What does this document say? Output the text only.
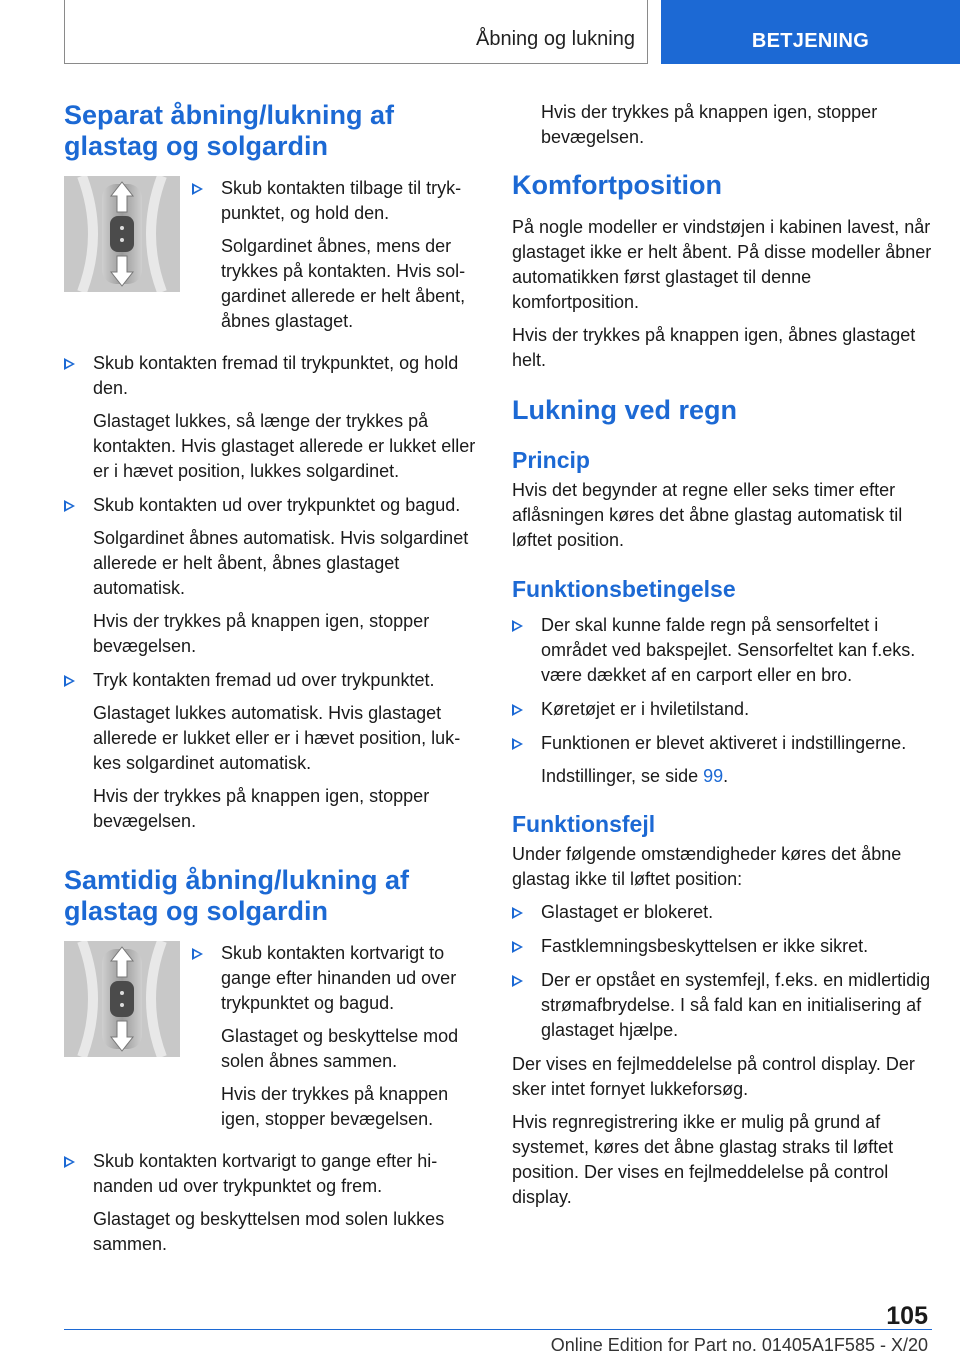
Åbning og lukning	BETJENING
Separat åbning/lukning af glastag og solgardin

Skub kontakten tilbage til trykpunktet, og hold den.

Solgardinet åbnes, mens der trykkes på kontakten. Hvis solgardinet allerede er helt åbent, åbnes glastaget.

Skub kontakten fremad til trykpunktet, og hold den.

Glastaget lukkes, så længe der trykkes på kontakten. Hvis glastaget allerede er lukket eller er i hævet position, lukkes solgardinet.

Skub kontakten ud over trykpunktet og bagud.

Solgardinet åbnes automatisk. Hvis solgardinet allerede er helt åbent, åbnes glastaget automatisk.

Hvis der trykkes på knappen igen, stopper bevægelsen.

Tryk kontakten fremad ud over trykpunktet.

Glastaget lukkes automatisk. Hvis glastaget allerede er lukket eller er i hævet position, lukkes solgardinet automatisk.

Hvis der trykkes på knappen igen, stopper bevægelsen.

Samtidig åbning/lukning af glastag og solgardin

Skub kontakten kortvarigt to gange efter hinanden ud over trykpunktet og bagud.

Glastaget og beskyttelse mod solen åbnes sammen.

Hvis der trykkes på knappen igen, stopper bevægelsen.

Skub kontakten kortvarigt to gange efter hinanden ud over trykpunktet og frem.

Glastaget og beskyttelsen mod solen lukkes sammen.

Hvis der trykkes på knappen igen, stopper bevægelsen.

Komfortposition

På nogle modeller er vindstøjen i kabinen lavest, når glastaget ikke er helt åbent. På disse modeller åbner automatikken først glastaget til denne komfortposition.

Hvis der trykkes på knappen igen, åbnes glastaget helt.

Lukning ved regn
Princip

Hvis det begynder at regne eller seks timer efter aflåsningen køres det åbne glastag automatisk til løftet position.

Funktionsbetingelse

Der skal kunne falde regn på sensorfeltet i området ved bakspejlet. Sensorfeltet kan f.eks. være dækket af en carport eller en bro.

Køretøjet er i hviletilstand.

Funktionen er blevet aktiveret i indstillingerne.

Indstillinger, se side 99.

Funktionsfejl

Under følgende omstændigheder køres det åbne glastag ikke til løftet position:

Glastaget er blokeret.

Fastklemningsbeskyttelsen er ikke sikret.

Der er opstået en systemfejl, f.eks. en midlertidig strømafbrydelse. I så fald kan en initialisering af glastaget hjælpe.

Der vises en fejlmeddelelse på control display. Der sker intet fornyet lukkeforsøg.

Hvis regnregistrering ikke er mulig på grund af systemet, køres det åbne glastag straks til løftet position. Der vises en fejlmeddelelse på control display.

105
Online Edition for Part no. 01405A1F585 - X/20
